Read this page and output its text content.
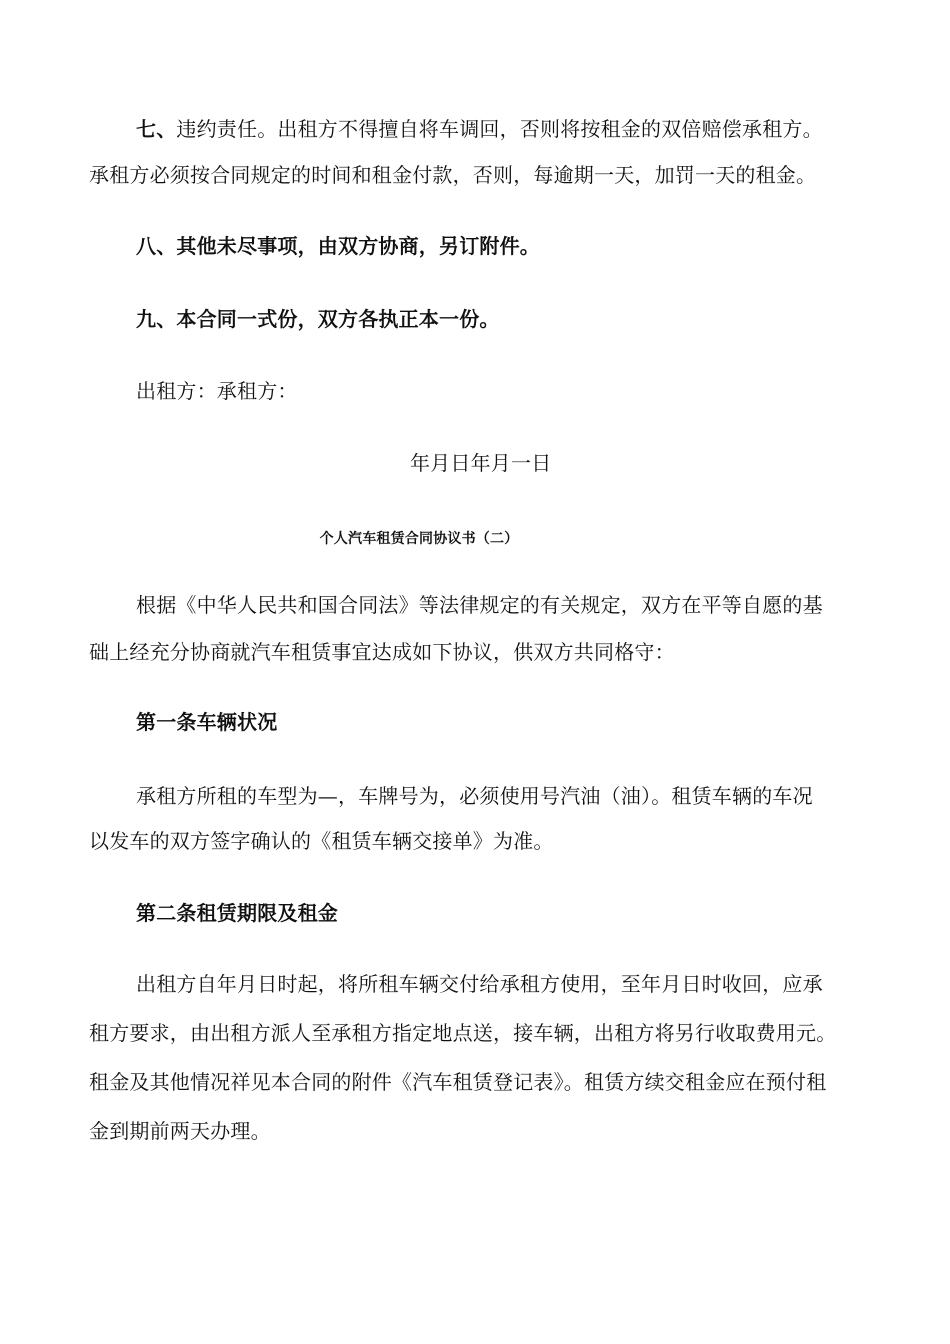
七、违约责任。出租方不得擅自将车调回，否则将按租金的双倍赔偿承租方。
承租方必须按合同规定的时间和租金付款，否则，每逾期一天，加罚一天的租金。
八、其他未尽事项，由双方协商，另订附件。
九、本合同一式份，双方各执正本一份。
出租方：承租方：
年月日年月一日
个人汽车租赁合同协议书（二）
根据《中华人民共和国合同法》等法律规定的有关规定，双方在平等自愿的基
础上经充分协商就汽车租赁事宜达成如下协议，供双方共同格守：
第一条车辆状况
承租方所租的车型为—，车牌号为，必须使用号汽油（油）。租赁车辆的车况
以发车的双方签字确认的《租赁车辆交接单》为准。
第二条租赁期限及租金
出租方自年月日时起，将所租车辆交付给承租方使用，至年月日时收回，应承
租方要求，由出租方派人至承租方指定地点送，接车辆，出租方将另行收取费用元。
租金及其他情况祥见本合同的附件《汽车租赁登记表》。租赁方续交租金应在预付租
金到期前两天办理。
